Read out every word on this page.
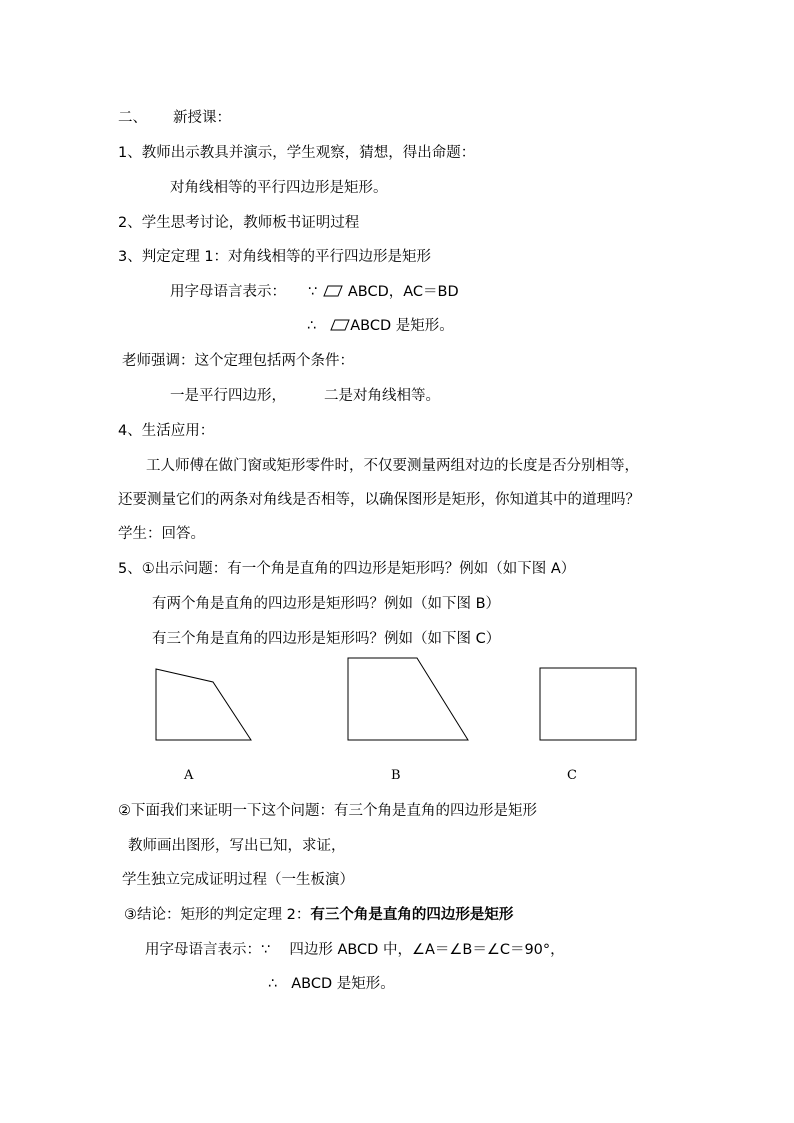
二、 新授课：
1、教师出示教具并演示，学生观察，猜想，得出命题：
对角线相等的平行四边形是矩形。
2、学生思考讨论，教师板书证明过程
3、判定定理 1：对角线相等的平行四边形是矩形
用字母语言表示： ∵
ABCD，AC＝BD
∴ ABCD 是矩形。
老师强调：这个定理包括两个条件：
一是平行四边形，	二是对角线相等。
4、生活应用：
工人师傅在做门窗或矩形零件时，不仅要测量两组对边的长度是否分别相等，
还要测量它们的两条对角线是否相等，以确保图形是矩形，你知道其中的道理吗？
学生：回答。
5、①出示问题：有一个角是直角的四边形是矩形吗？例如（如下图 A）
有两个角是直角的四边形是矩形吗？例如（如下图 B）
有三个角是直角的四边形是矩形吗？例如（如下图 C）
A	B	C
②下面我们来证明一下这个问题：有三个角是直角的四边形是矩形
教师画出图形，写出已知，求证，
学生独立完成证明过程（一生板演）
③结论：矩形的判定定理 2：有三个角是直角的四边形是矩形
用字母语言表示：∵　 四边形 ABCD 中，∠A＝∠B＝∠C＝90°，
∴ ABCD 是矩形。
